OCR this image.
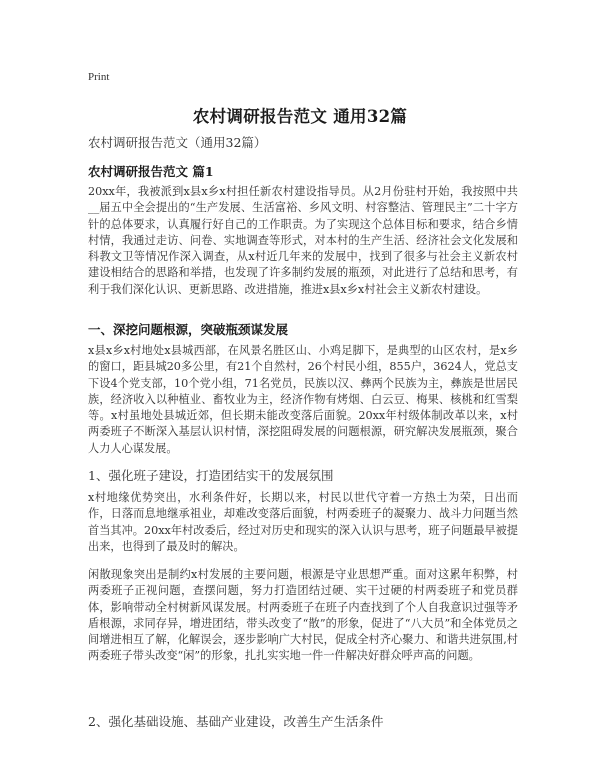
Print
农村调研报告范文 通用32篇
农村调研报告范文（通用32篇）
农村调研报告范文 篇1

20xx年，我被派到x县x乡x村担任新农村建设指导员。从2月份驻村开始，我按照中共__届五中全会提出的“生产发展、生活富裕、乡风文明、村容整洁、管理民主”二十字方针的总体要求，认真履行好自己的工作职责。为了实现这个总体目标和要求，结合乡情村情，我通过走访、问卷、实地调查等形式，对本村的生产生活、经济社会文化发展和科教文卫等情况作深入调查，从x村近几年来的发展中，找到了很多与社会主义新农村建设相结合的思路和举措，也发现了许多制约发展的瓶颈，对此进行了总结和思考，有利于我们深化认识、更新思路、改进措施，推进x县x乡x村社会主义新农村建设。

一、深挖问题根源，突破瓶颈谋发展

x县x乡x村地处x县城西部，在风景名胜区山、小鸡足脚下，是典型的山区农村，是x乡的窗口，距县城20多公里，有21个自然村，26个村民小组，855户，3624人，党总支下设4个党支部，10个党小组，71名党员，民族以汉、彝两个民族为主，彝族是世居民族，经济收入以种植业、畜牧业为主，经济作物有烤烟、白云豆、梅果、核桃和红雪梨等。x村虽地处县城近郊，但长期未能改变落后面貌。20xx年村级体制改革以来，x村两委班子不断深入基层认识村情，深挖阻碍发展的问题根源，研究解决发展瓶颈，聚合人力人心谋发展。

1、强化班子建设，打造团结实干的发展氛围

x村地缘优势突出，水利条件好，长期以来，村民以世代守着一方热土为荣，日出而作，日落而息地继承祖业，却难改变落后面貌，村两委班子的凝聚力、战斗力问题当然首当其冲。20xx年村改委后，经过对历史和现实的深入认识与思考，班子问题最早被提出来，也得到了最及时的解决。

闲散现象突出是制约x村发展的主要问题，根源是守业思想严重。面对这累年积弊，村两委班子正视问题，查摆问题，努力打造团结过硬、实干过硬的村两委班子和党员群体，影响带动全村树新风谋发展。村两委班子在班子内查找到了个人自我意识过强等矛盾根源，求同存异，增进团结，带头改变了“散”的形象，促进了“八大员”和全体党员之间增进相互了解，化解误会，逐步影响广大村民，促成全村齐心聚力、和谐共进氛围,村两委班子带头改变“闲”的形象，扎扎实实地一件一件解决好群众呼声高的问题。

2、强化基础设施、基础产业建设，改善生产生活条件
